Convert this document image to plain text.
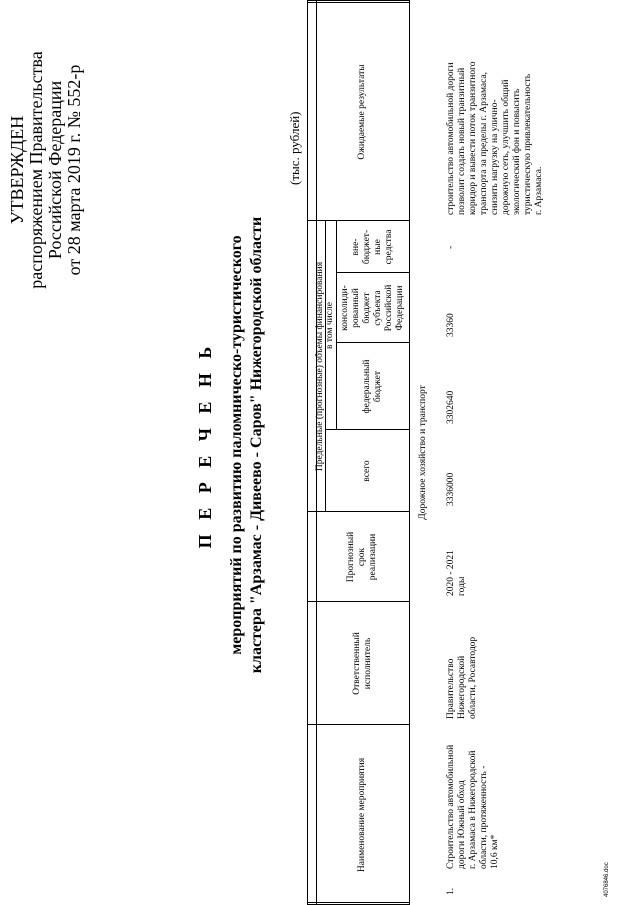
УТВЕРЖДЕН распоряжением Правительства Российской Федерации от 28 марта 2019 г. № 552-р
П Е Р Е Ч Е Н Ь мероприятий по развитию паломническо-туристического кластера "Арзамас - Дивеево - Саров" Нижегородской области
(тыс. рублей)
Наименование мероприятия
Ответственный исполнитель
Прогнозный срок реализации
Предельные (прогнозные) объемы финансирования	всего
в том числе
федеральный бюджет
консолиди- рованный бюджет субъекта Российской Федерации
вне- бюджет- ные средства
Ожидаемые результаты
Дорожное хозяйство и транспорт
1.
Строительство автомобильной дороги Южный обход г. Арзамаса в Нижегородской области, протяженность - 10,6 км*
Правительство Нижегородской области, Росавтодор
2020 - 2021 годы
3336000
3302640
33360
-
строительство автомобильной дороги позволит создать новый транзитный коридор и вывести поток транзитного транспорта за пределы г. Арзамаса, снизить нагрузку на улично- дорожную сеть, улучшить общий экологический фон и повысить туристическую привлекательность г. Арзамаса.
4076846.doc
